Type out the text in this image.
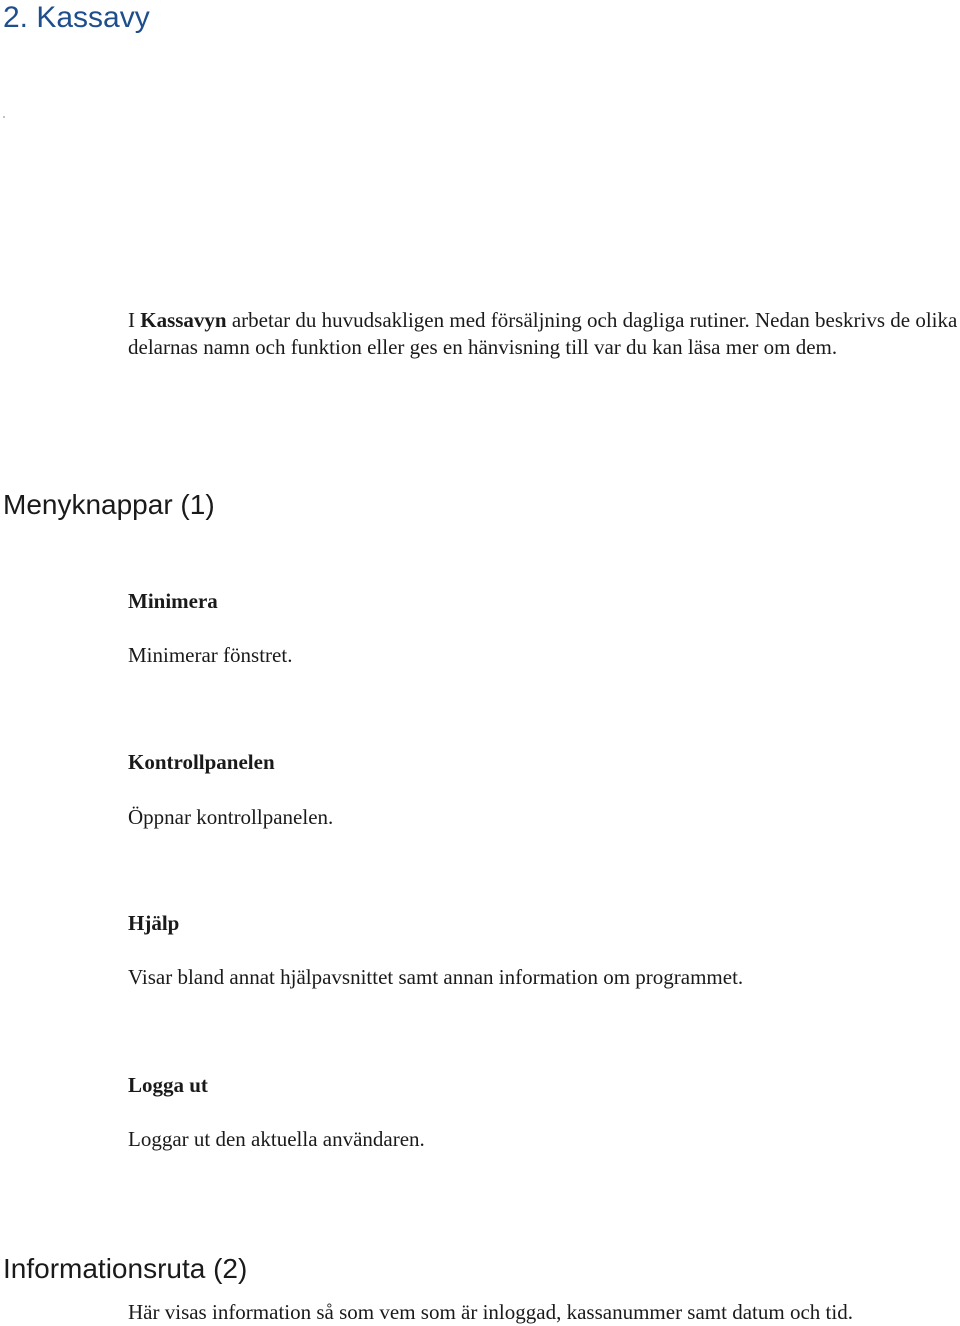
2. Kassavy

I Kassavyn arbetar du huvudsakligen med försäljning och dagliga rutiner. Nedan beskrivs de olika delarnas namn och funktion eller ges en hänvisning till var du kan läsa mer om dem.

Menyknappar (1)
Minimera

Minimerar fönstret.

Kontrollpanelen

Öppnar kontrollpanelen.

Hjälp

Visar bland annat hjälpavsnittet samt annan information om programmet.

Logga ut

Loggar ut den aktuella användaren.

Informationsruta (2)

Här visas information så som vem som är inloggad, kassanummer samt datum och tid.
